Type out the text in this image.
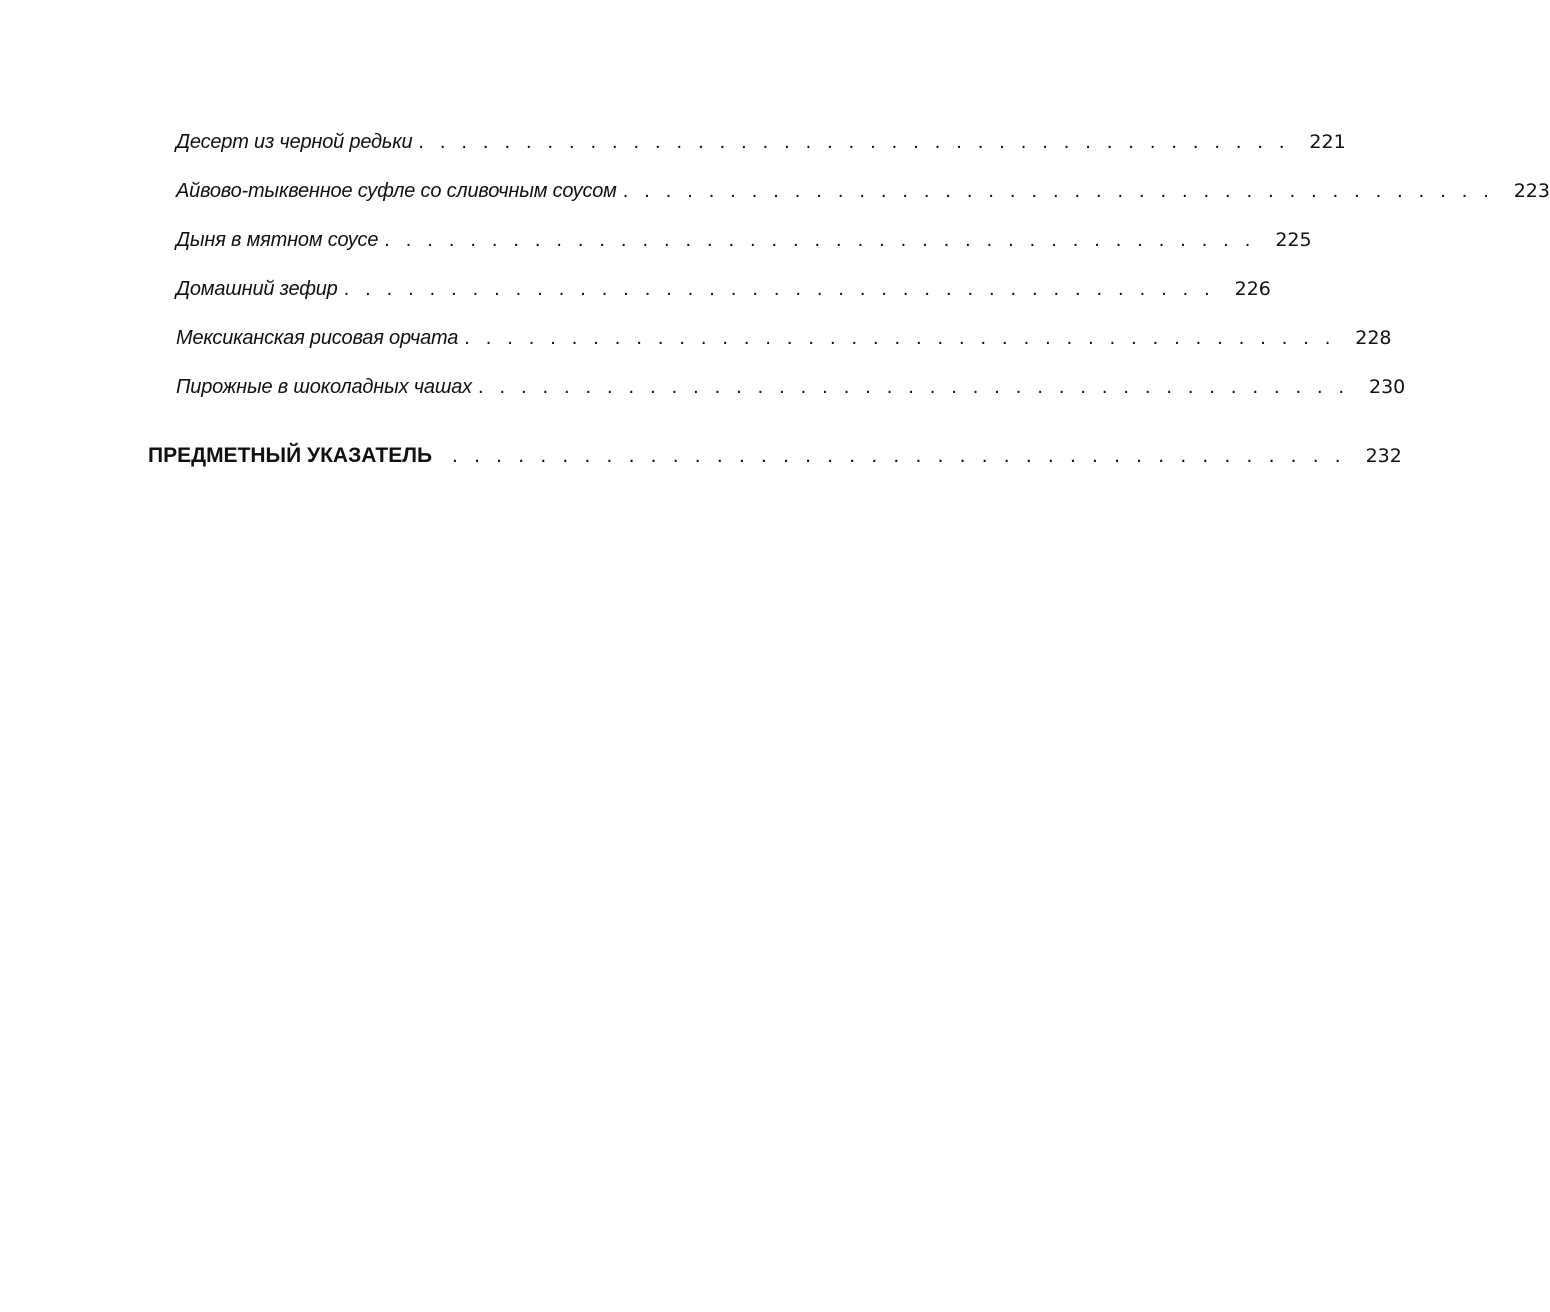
Десерт из черной редьки . . . . . . . . . . . . . . . . . . . . . . . . . . . . . . . . . . . . . . . . . 221
Айвово-тыквенное суфле со сливочным соусом . . . . . . . . . . . . . . . . . . . . . . . . . . . . . . . . . . . . . . . . . 223
Дыня в мятном соусе . . . . . . . . . . . . . . . . . . . . . . . . . . . . . . . . . . . . . . . . . 225
Домашний зефир . . . . . . . . . . . . . . . . . . . . . . . . . . . . . . . . . . . . . . . . . 226
Мексиканская рисовая орчата . . . . . . . . . . . . . . . . . . . . . . . . . . . . . . . . . . . . . . . . . 228
Пирожные в шоколадных чашах . . . . . . . . . . . . . . . . . . . . . . . . . . . . . . . . . . . . . . . . . 230
ПРЕДМЕТНЫЙ УКАЗАТЕЛЬ . . . . . . . . . . . . . . . . . . . . . . . . . . . . . . . . . . . . . . . . . 232
